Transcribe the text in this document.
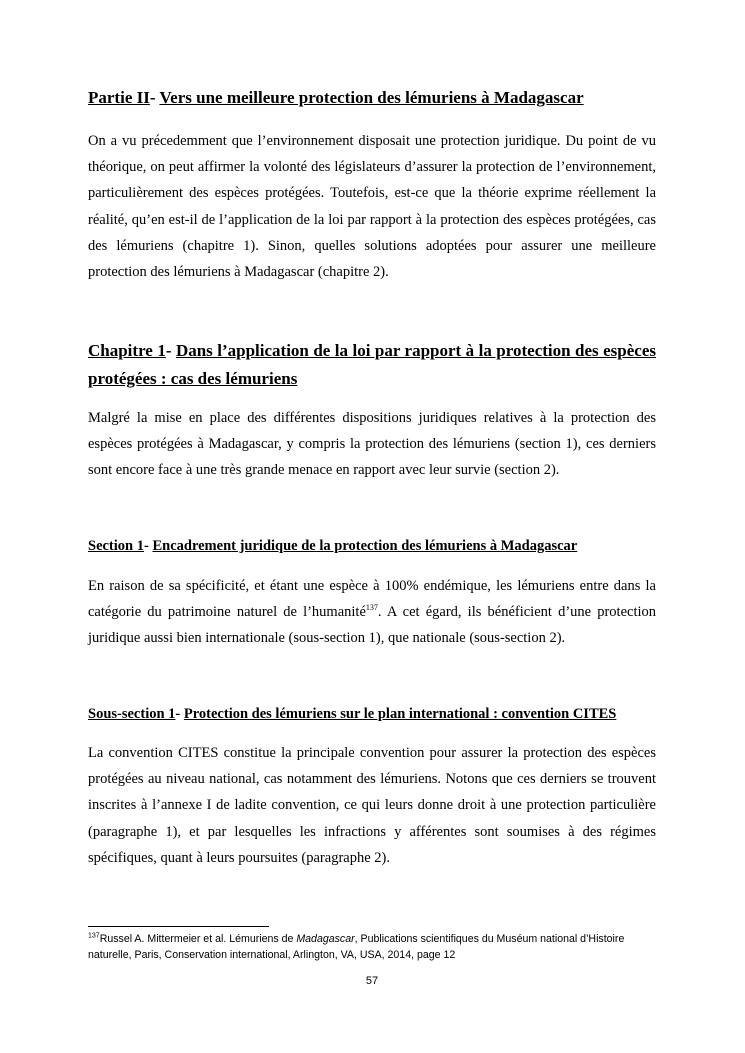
Partie II- Vers une meilleure protection des lémuriens à Madagascar

On a vu précedemment que l’environnement disposait une protection juridique. Du point de vu théorique, on peut affirmer la volonté des législateurs d’assurer la protection de l’environnement, particulièrement des espèces protégées. Toutefois, est-ce que la théorie exprime réellement la réalité, qu’en est-il de l’application de la loi par rapport à la protection des espèces protégées, cas des lémuriens (chapitre 1). Sinon, quelles solutions adoptées pour assurer une meilleure protection des lémuriens à Madagascar (chapitre 2).

Chapitre 1- Dans l’application de la loi par rapport à la protection des espèces protégées : cas des lémuriens

Malgré la mise en place des différentes dispositions juridiques relatives à la protection des espèces protégées à Madagascar, y compris la protection des lémuriens (section 1), ces derniers sont encore face à une très grande menace en rapport avec leur survie (section 2).

Section 1- Encadrement juridique de la protection des lémuriens à Madagascar

En raison de sa spécificité, et étant une espèce à 100% endémique, les lémuriens entre dans la catégorie du patrimoine naturel de l’humanité$^{137}$. A cet égard, ils bénéficient d’une protection juridique aussi bien internationale (sous-section 1), que nationale (sous-section 2).

Sous-section 1- Protection des lémuriens sur le plan international : convention CITES

La convention CITES constitue la principale convention pour assurer la protection des espèces protégées au niveau national, cas notamment des lémuriens. Notons que ces derniers se trouvent inscrites à l’annexe I de ladite convention, ce qui leurs donne droit à une protection particulière (paragraphe 1), et par lesquelles les infractions y afférentes sont soumises à des régimes spécifiques, quant à leurs poursuites (paragraphe 2).

$^{137}$Russel A. Mittermeier et al. Lémuriens de Madagascar, Publications scientifiques du Muséum national d’Histoire naturelle, Paris, Conservation international, Arlington, VA, USA, 2014, page 12

57
